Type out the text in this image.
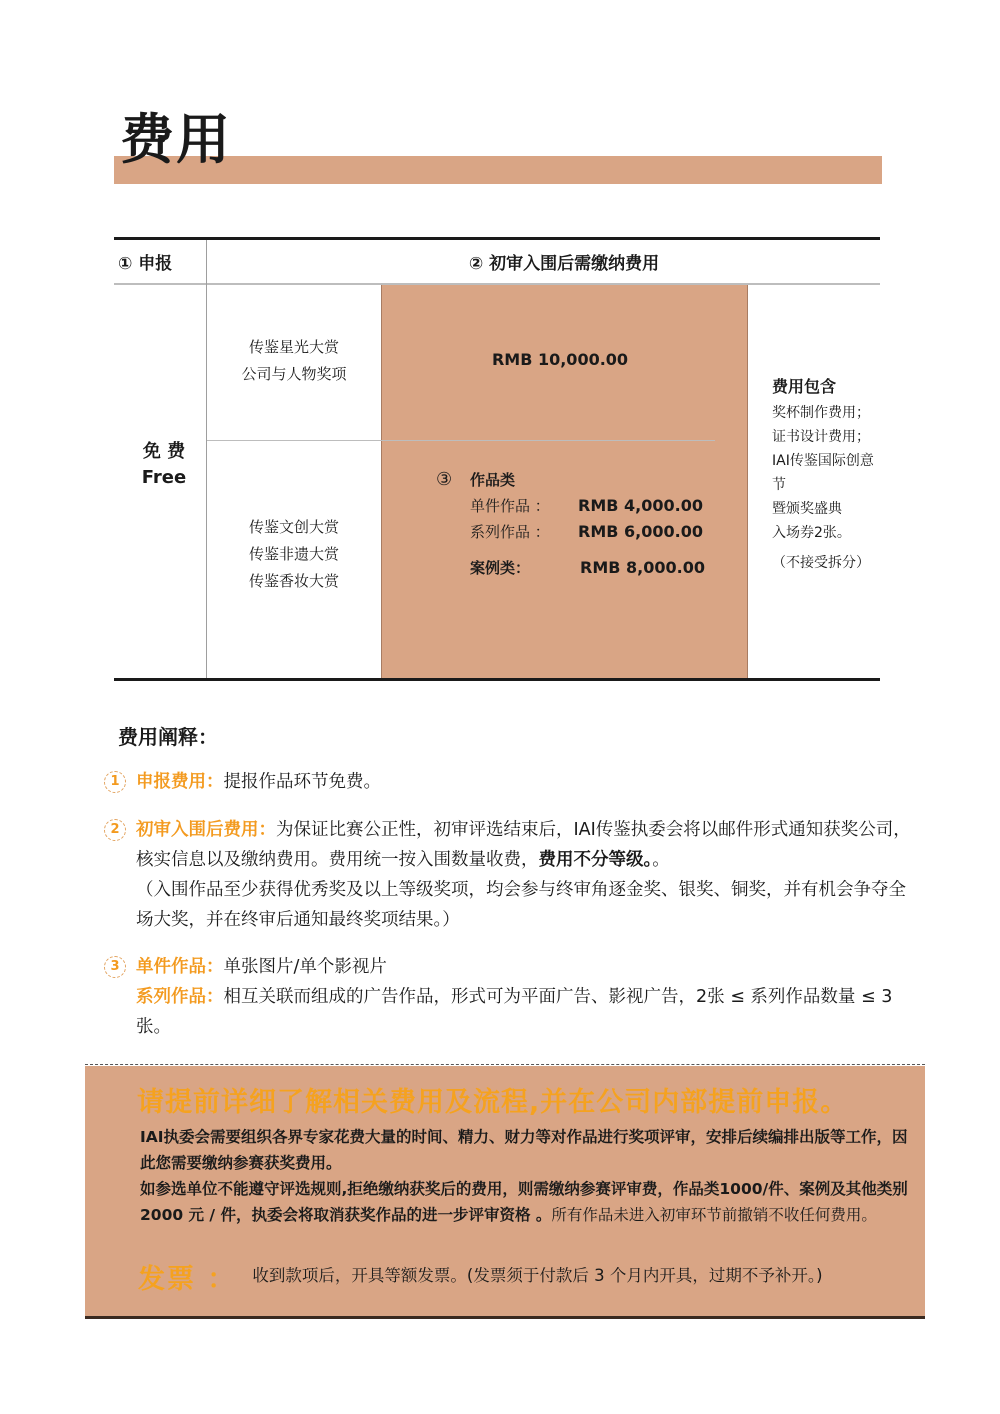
费用
① 申报	② 初审入围后需缴纳费用
免 费
Free
传鉴星光大赏
公司与人物奖项
传鉴文创大赏
传鉴非遗大赏
传鉴香妆大赏
RMB 10,000.00
③ 作品类
单件作品 ： RMB 4,000.00
系列作品 ： RMB 6,000.00
案例类：	RMB 8,000.00
费用包含
奖杯制作费用；
证书设计费用；
IAI传鉴国际创意节
暨颁奖盛典
入场券2张。
（不接受拆分）
费用阐释：
1 申报费用：提报作品环节免费。
2 初审入围后费用：为保证比赛公正性，初审评选结束后，IAI传鉴执委会将以邮件形式通知获奖公司，核实信息以及缴纳费用。费用统一按入围数量收费，费用不分等级。。
（入围作品至少获得优秀奖及以上等级奖项，均会参与终审角逐金奖、银奖、铜奖，并有机会争夺全场大奖，并在终审后通知最终奖项结果。）
3 单件作品：单张图片/单个影视片
系列作品：相互关联而组成的广告作品，形式可为平面广告、影视广告，2张 ≤ 系列作品数量 ≤ 3张。
请提前详细了解相关费用及流程,并在公司内部提前申报。
IAI执委会需要组织各界专家花费大量的时间、精力、财力等对作品进行奖项评审，安排后续编排出版等工作，因此您需要缴纳参赛获奖费用。
如参选单位不能遵守评选规则,拒绝缴纳获奖后的费用，则需缴纳参赛评审费，作品类1000/件、案例及其他类别 2000 元 / 件，执委会将取消获奖作品的进一步评审资格 。所有作品未进入初审环节前撤销不收任何费用。
发票 ： 收到款项后，开具等额发票。(发票须于付款后 3 个月内开具，过期不予补开。)
